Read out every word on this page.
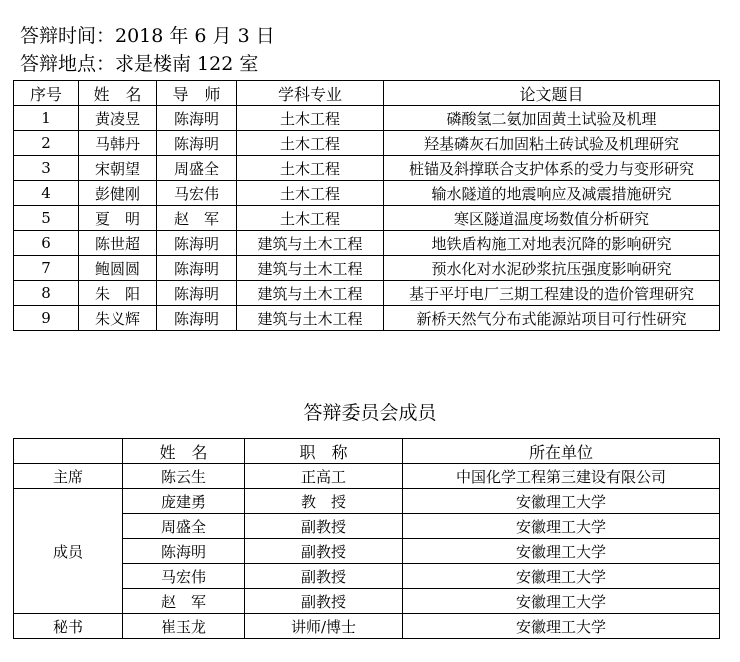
答辩时间：2018 年 6 月 3 日
答辩地点：求是楼南 122 室
序号	姓　名	导　师	学科专业	论文题目
1	黄凌昱	陈海明	土木工程	磷酸氢二氨加固黄土试验及机理
2	马韩丹	陈海明	土木工程	羟基磷灰石加固粘土砖试验及机理研究
3	宋朝望	周盛全	土木工程	桩锚及斜撑联合支护体系的受力与变形研究
4	彭健刚	马宏伟	土木工程	输水隧道的地震响应及减震措施研究
5	夏　明	赵　军	土木工程	寒区隧道温度场数值分析研究
6	陈世超	陈海明	建筑与土木工程	地铁盾构施工对地表沉降的影响研究
7	鲍圆圆	陈海明	建筑与土木工程	预水化对水泥砂浆抗压强度影响研究
8	朱　阳	陈海明	建筑与土木工程	基于平圩电厂三期工程建设的造价管理研究
9	朱义辉	陈海明	建筑与土木工程	新桥天然气分布式能源站项目可行性研究
答辩委员会成员
	姓　名	职　称	所在单位
主席	陈云生	正高工	中国化学工程第三建设有限公司
成员	庞建勇	教　授	安徽理工大学
	周盛全	副教授	安徽理工大学
	陈海明	副教授	安徽理工大学
	马宏伟	副教授	安徽理工大学
	赵　军	副教授	安徽理工大学
秘书	崔玉龙	讲师/博士	安徽理工大学
